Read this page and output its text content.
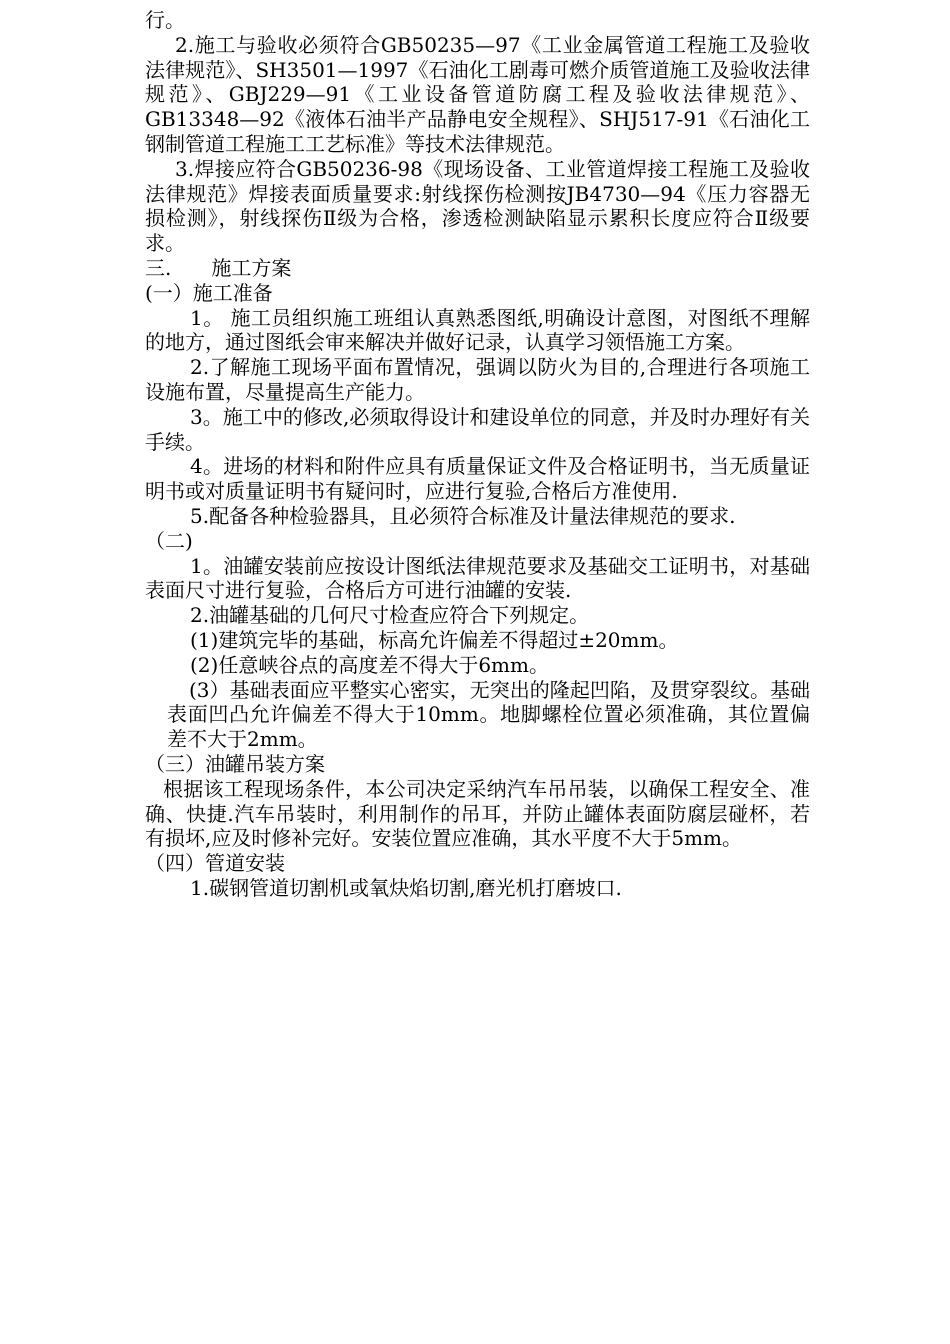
行。

2.施工与验收必须符合GB50235—97《工业金属管道工程施工及验收法律规范》、SH3501—1997《石油化工剧毒可燃介质管道施工及验收法律规范》、GBJ229—91《工业设备管道防腐工程及验收法律规范》、GB13348—92《液体石油半产品静电安全规程》、SHJ517-91《石油化工钢制管道工程施工工艺标准》等技术法律规范。

3.焊接应符合GB50236-98《现场设备、工业管道焊接工程施工及验收法律规范》焊接表面质量要求:射线探伤检测按JB4730—94《压力容器无损检测》，射线探伤Ⅱ级为合格，渗透检测缺陷显示累积长度应符合Ⅱ级要求。

三.　　施工方案

(一）施工准备

1。 施工员组织施工班组认真熟悉图纸,明确设计意图，对图纸不理解的地方，通过图纸会审来解决并做好记录，认真学习领悟施工方案。

2.了解施工现场平面布置情况，强调以防火为目的,合理进行各项施工设施布置，尽量提高生产能力。

3。施工中的修改,必须取得设计和建设单位的同意，并及时办理好有关手续。

4。进场的材料和附件应具有质量保证文件及合格证明书，当无质量证明书或对质量证明书有疑问时，应进行复验,合格后方准使用.

5.配备各种检验器具，且必须符合标准及计量法律规范的要求.

（二)

1。油罐安装前应按设计图纸法律规范要求及基础交工证明书，对基础表面尺寸进行复验，合格后方可进行油罐的安装.

2.油罐基础的几何尺寸检查应符合下列规定。

(1)建筑完毕的基础，标高允许偏差不得超过±20mm。

(2)任意峡谷点的高度差不得大于6mm。

(3）基础表面应平整实心密实，无突出的隆起凹陷，及贯穿裂纹。基础表面凹凸允许偏差不得大于10mm。地脚螺栓位置必须准确，其位置偏差不大于2mm。

（三）油罐吊装方案

根据该工程现场条件，本公司决定采纳汽车吊吊装，以确保工程安全、准确、快捷.汽车吊装时，利用制作的吊耳，并防止罐体表面防腐层碰杯，若有损坏,应及时修补完好。安装位置应准确，其水平度不大于5mm。

（四）管道安装

1.碳钢管道切割机或氧炔焰切割,磨光机打磨坡口.
